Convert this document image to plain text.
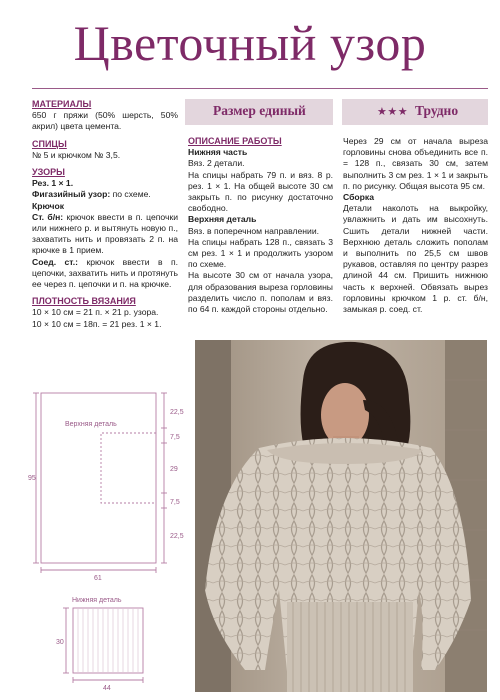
Цветочный узор
Размер единый	★★★ Трудно
МАТЕРИАЛЫ
650 г пряжи (50% шерсть, 50% акрил) цвета цемента.
СПИЦЫ
№ 5 и крючком № 3,5.
УЗОРЫ
Рез. 1 × 1.
Фигазийный узор: по схеме.
Крючок
Ст. б/н: крючок ввести в п. цепочки или нижнего р. и вытянуть новую п., захватить нить и провязать 2 п. на крючке в 1 прием.
Соед. ст.: крючок ввести в п. цепочки, захватить нить и протянуть ее через п. цепочки и п. на крючке.
ПЛОТНОСТЬ ВЯЗАНИЯ
10 × 10 см = 21 п. × 21 р. узора.
10 × 10 см = 18п. = 21 рез. 1 × 1.
ОПИСАНИЕ РАБОТЫ
Нижняя часть
Вяз. 2 детали.
На спицы набрать 79 п. и вяз. 8 р. рез. 1 × 1. На общей высоте 30 см закрыть п. по рисунку достаточно свободно.
Верхняя деталь
Вяз. в поперечном направлении.
На спицы набрать 128 п., связать 3 см рез. 1 × 1 и продолжить узором по схеме.
На высоте 30 см от начала узора, для образования выреза горловины разделить число п. пополам и вяз. по 64 п. каждой стороны отдельно.
Через 29 см от начала выреза горловины снова объединить все п. = 128 п., связать 30 см, затем выполнить 3 см рез. 1 × 1 и закрыть п. по рисунку. Общая высота 95 см.
Сборка
Детали наколоть на выкройку, увлажнить и дать им высохнуть. Сшить детали нижней части. Верхнюю деталь сложить пополам и выполнить по 25,5 см швов рукавов, оставляя по центру разрез длиной 44 см. Пришить нижнюю часть к верхней. Обвязать вырез горловины крючком 1 р. ст. б/н, замыкая р. соед. ст.
Верхняя деталь
Нижняя деталь
95
61
22,5
7,5
29
7,5
22,5
30
44
